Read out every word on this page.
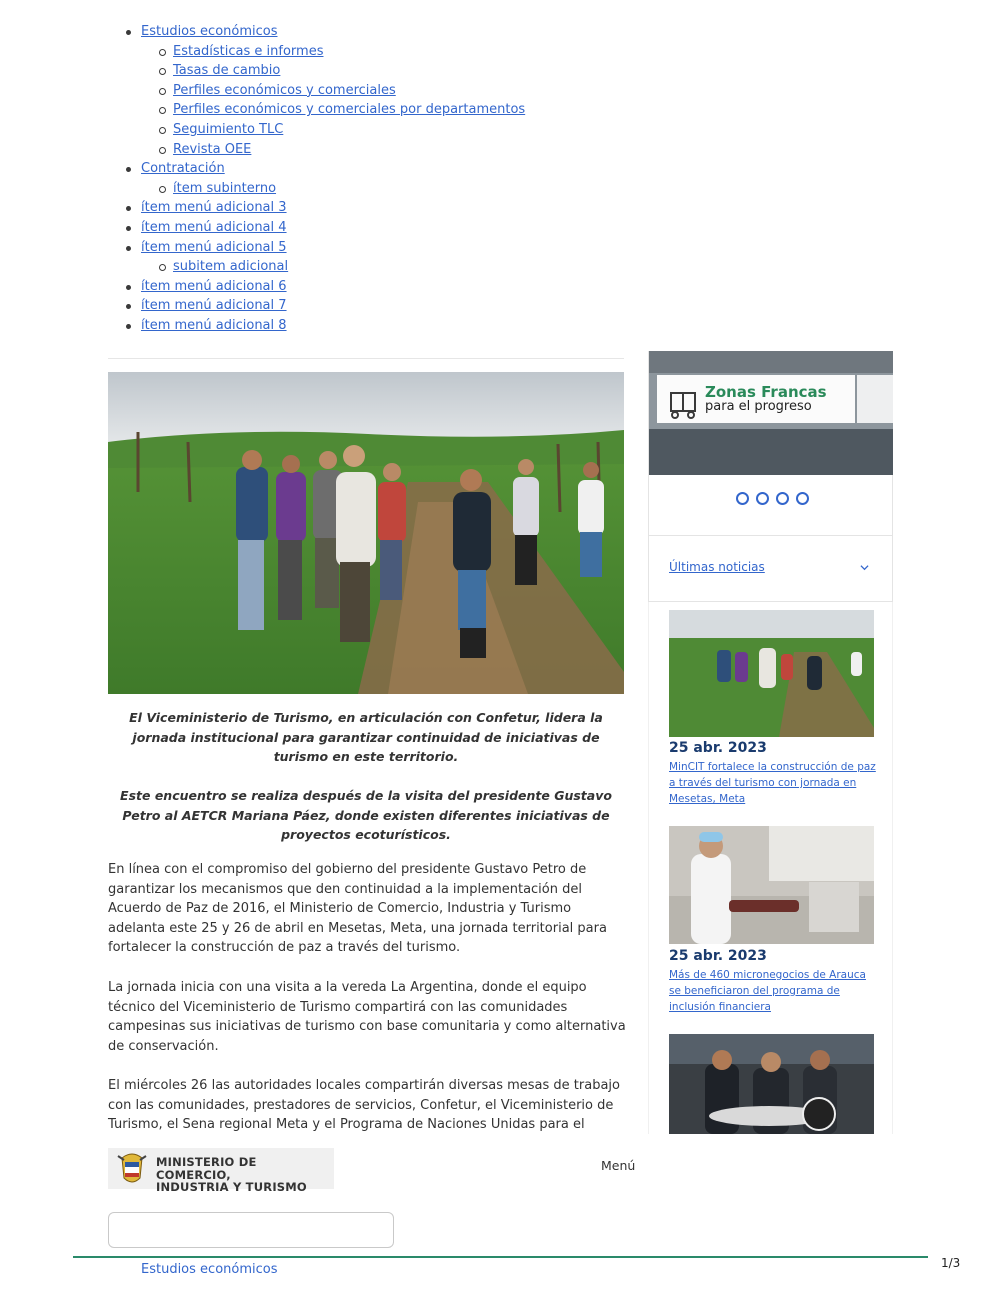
Estudios económicos
Estadísticas e informes
Tasas de cambio
Perfiles económicos y comerciales
Perfiles económicos y comerciales por departamentos
Seguimiento TLC
Revista OEE
Contratación
ítem subinterno
ítem menú adicional 3
ítem menú adicional 4
ítem menú adicional 5
subitem adicional
ítem menú adicional 6
ítem menú adicional 7
ítem menú adicional 8
El Viceministerio de Turismo, en articulación con Confetur, lidera la jornada institucional para garantizar continuidad de iniciativas de turismo en este territorio.
Este encuentro se realiza después de la visita del presidente Gustavo Petro al AETCR Mariana Páez, donde existen diferentes iniciativas de proyectos ecoturísticos.
En línea con el compromiso del gobierno del presidente Gustavo Petro de garantizar los mecanismos que den continuidad a la implementación del Acuerdo de Paz de 2016, el Ministerio de Comercio, Industria y Turismo adelanta este 25 y 26 de abril en Mesetas, Meta, una jornada territorial para fortalecer la construcción de paz a través del turismo.
La jornada inicia con una visita a la vereda La Argentina, donde el equipo técnico del Viceministerio de Turismo compartirá con las comunidades campesinas sus iniciativas de turismo con base comunitaria y como alternativa de conservación.
El miércoles 26 las autoridades locales compartirán diversas mesas de trabajo con las comunidades, prestadores de servicios, Confetur, el Viceministerio de Turismo, el Sena regional Meta y el Programa de Naciones Unidas para el
Zonas Francas
para el progreso
Últimas noticias
25 abr. 2023
MinCIT fortalece la construcción de paz a través del turismo con jornada en Mesetas, Meta
25 abr. 2023
Más de 460 micronegocios de Arauca se beneficiaron del programa de inclusión financiera
MINISTERIO DE COMERCIO,
INDUSTRIA Y TURISMO
Menú
Estudios económicos	1/3
